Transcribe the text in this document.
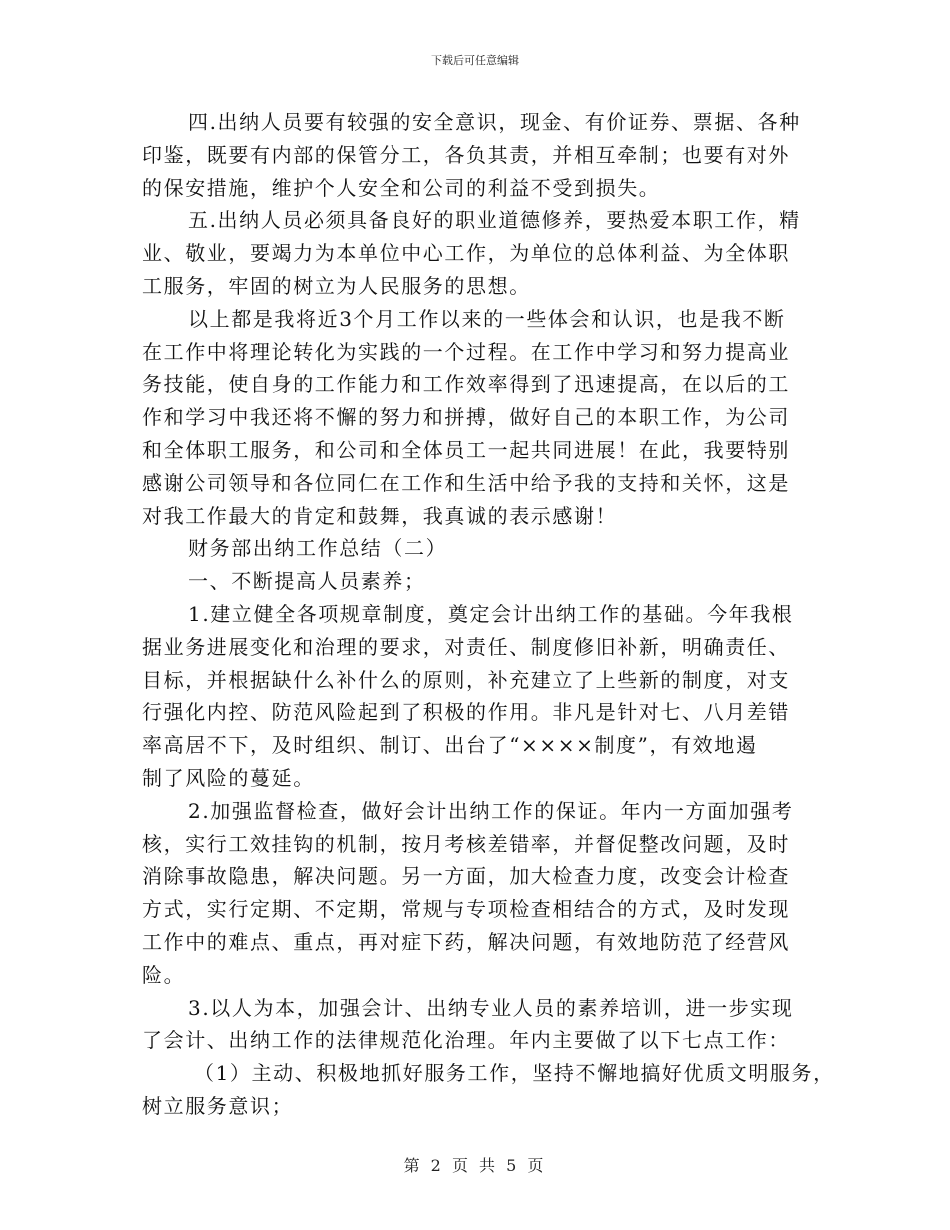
下载后可任意编辑
四.出纳人员要有较强的安全意识，现金、有价证券、票据、各种
印鉴，既要有内部的保管分工，各负其责，并相互牵制；也要有对外
的保安措施，维护个人安全和公司的利益不受到损失。
五.出纳人员必须具备良好的职业道德修养，要热爱本职工作，精
业、敬业，要竭力为本单位中心工作，为单位的总体利益、为全体职
工服务，牢固的树立为人民服务的思想。
以上都是我将近3个月工作以来的一些体会和认识，也是我不断
在工作中将理论转化为实践的一个过程。在工作中学习和努力提高业
务技能，使自身的工作能力和工作效率得到了迅速提高，在以后的工
作和学习中我还将不懈的努力和拼搏，做好自己的本职工作，为公司
和全体职工服务，和公司和全体员工一起共同进展！在此，我要特别
感谢公司领导和各位同仁在工作和生活中给予我的支持和关怀，这是
对我工作最大的肯定和鼓舞，我真诚的表示感谢！
财务部出纳工作总结（二）
一、不断提高人员素养；
1.建立健全各项规章制度，奠定会计出纳工作的基础。今年我根
据业务进展变化和治理的要求，对责任、制度修旧补新，明确责任、
目标，并根据缺什么补什么的原则，补充建立了上些新的制度，对支
行强化内控、防范风险起到了积极的作用。非凡是针对七、八月差错
率高居不下，及时组织、制订、出台了“××××制度”，有效地遏
制了风险的蔓延。
2.加强监督检查，做好会计出纳工作的保证。年内一方面加强考
核，实行工效挂钩的机制，按月考核差错率，并督促整改问题，及时
消除事故隐患，解决问题。另一方面，加大检查力度，改变会计检查
方式，实行定期、不定期，常规与专项检查相结合的方式，及时发现
工作中的难点、重点，再对症下药，解决问题，有效地防范了经营风
险。
3.以人为本，加强会计、出纳专业人员的素养培训，进一步实现
了会计、出纳工作的法律规范化治理。年内主要做了以下七点工作：
（1）主动、积极地抓好服务工作，坚持不懈地搞好优质文明服务，
树立服务意识；
第 2 页 共 5 页
